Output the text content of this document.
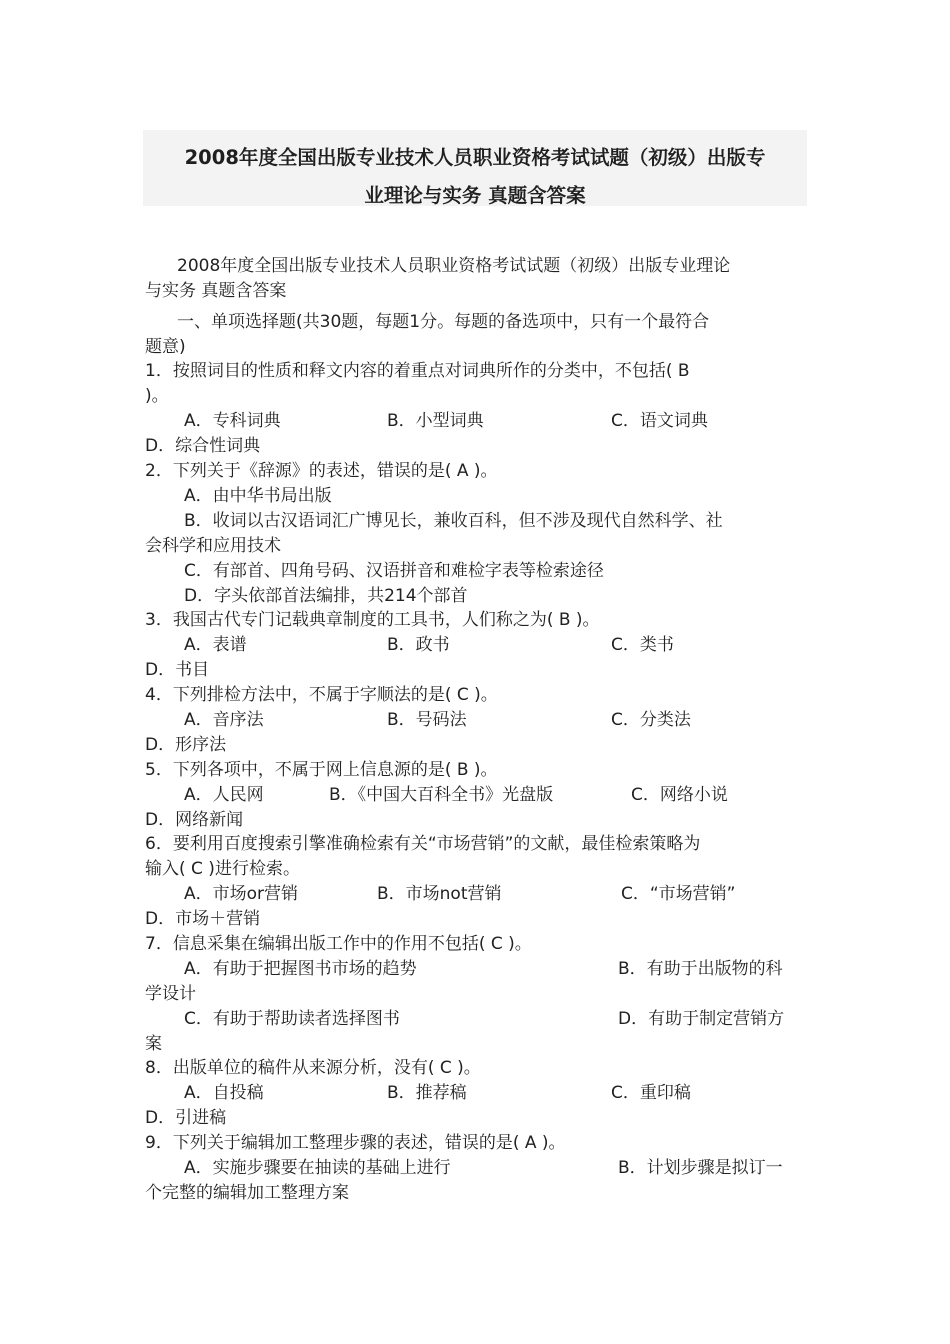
2008年度全国出版专业技术人员职业资格考试试题（初级）出版专
业理论与实务 真题含答案
2008年度全国出版专业技术人员职业资格考试试题（初级）出版专业理论
与实务 真题含答案
一、单项选择题(共30题，每题1分。每题的备选项中，只有一个最符合
题意)
1．按照词目的性质和释文内容的着重点对词典所作的分类中，不包括( B
)。
A．专科词典	B．小型词典	C．语文词典
D．综合性词典
2．下列关于《辞源》的表述，错误的是( A )。
A．由中华书局出版
B．收词以古汉语词汇广博见长，兼收百科，但不涉及现代自然科学、社
会科学和应用技术
C．有部首、四角号码、汉语拼音和难检字表等检索途径
D．字头依部首法编排，共214个部首
3．我国古代专门记载典章制度的工具书，人们称之为( B )。
A．表谱	B．政书	C．类书
D．书目
4．下列排检方法中，不属于字顺法的是( C )。
A．音序法	B．号码法	C．分类法
D．形序法
5．下列各项中，不属于网上信息源的是( B )。
A．人民网	B．《中国大百科全书》光盘版	C．网络小说
D．网络新闻
6．要利用百度搜索引擎准确检索有关“市场营销”的文献，最佳检索策略为
输入( C )进行检索。
A．市场or营销	B．市场not营销	C．“市场营销”
D．市场＋营销
7．信息采集在编辑出版工作中的作用不包括( C )。
A．有助于把握图书市场的趋势	B．有助于出版物的科
学设计
C．有助于帮助读者选择图书	D．有助于制定营销方
案
8．出版单位的稿件从来源分析，没有( C )。
A．自投稿	B．推荐稿	C．重印稿
D．引进稿
9．下列关于编辑加工整理步骤的表述，错误的是( A )。
A．实施步骤要在抽读的基础上进行	B．计划步骤是拟订一
个完整的编辑加工整理方案
